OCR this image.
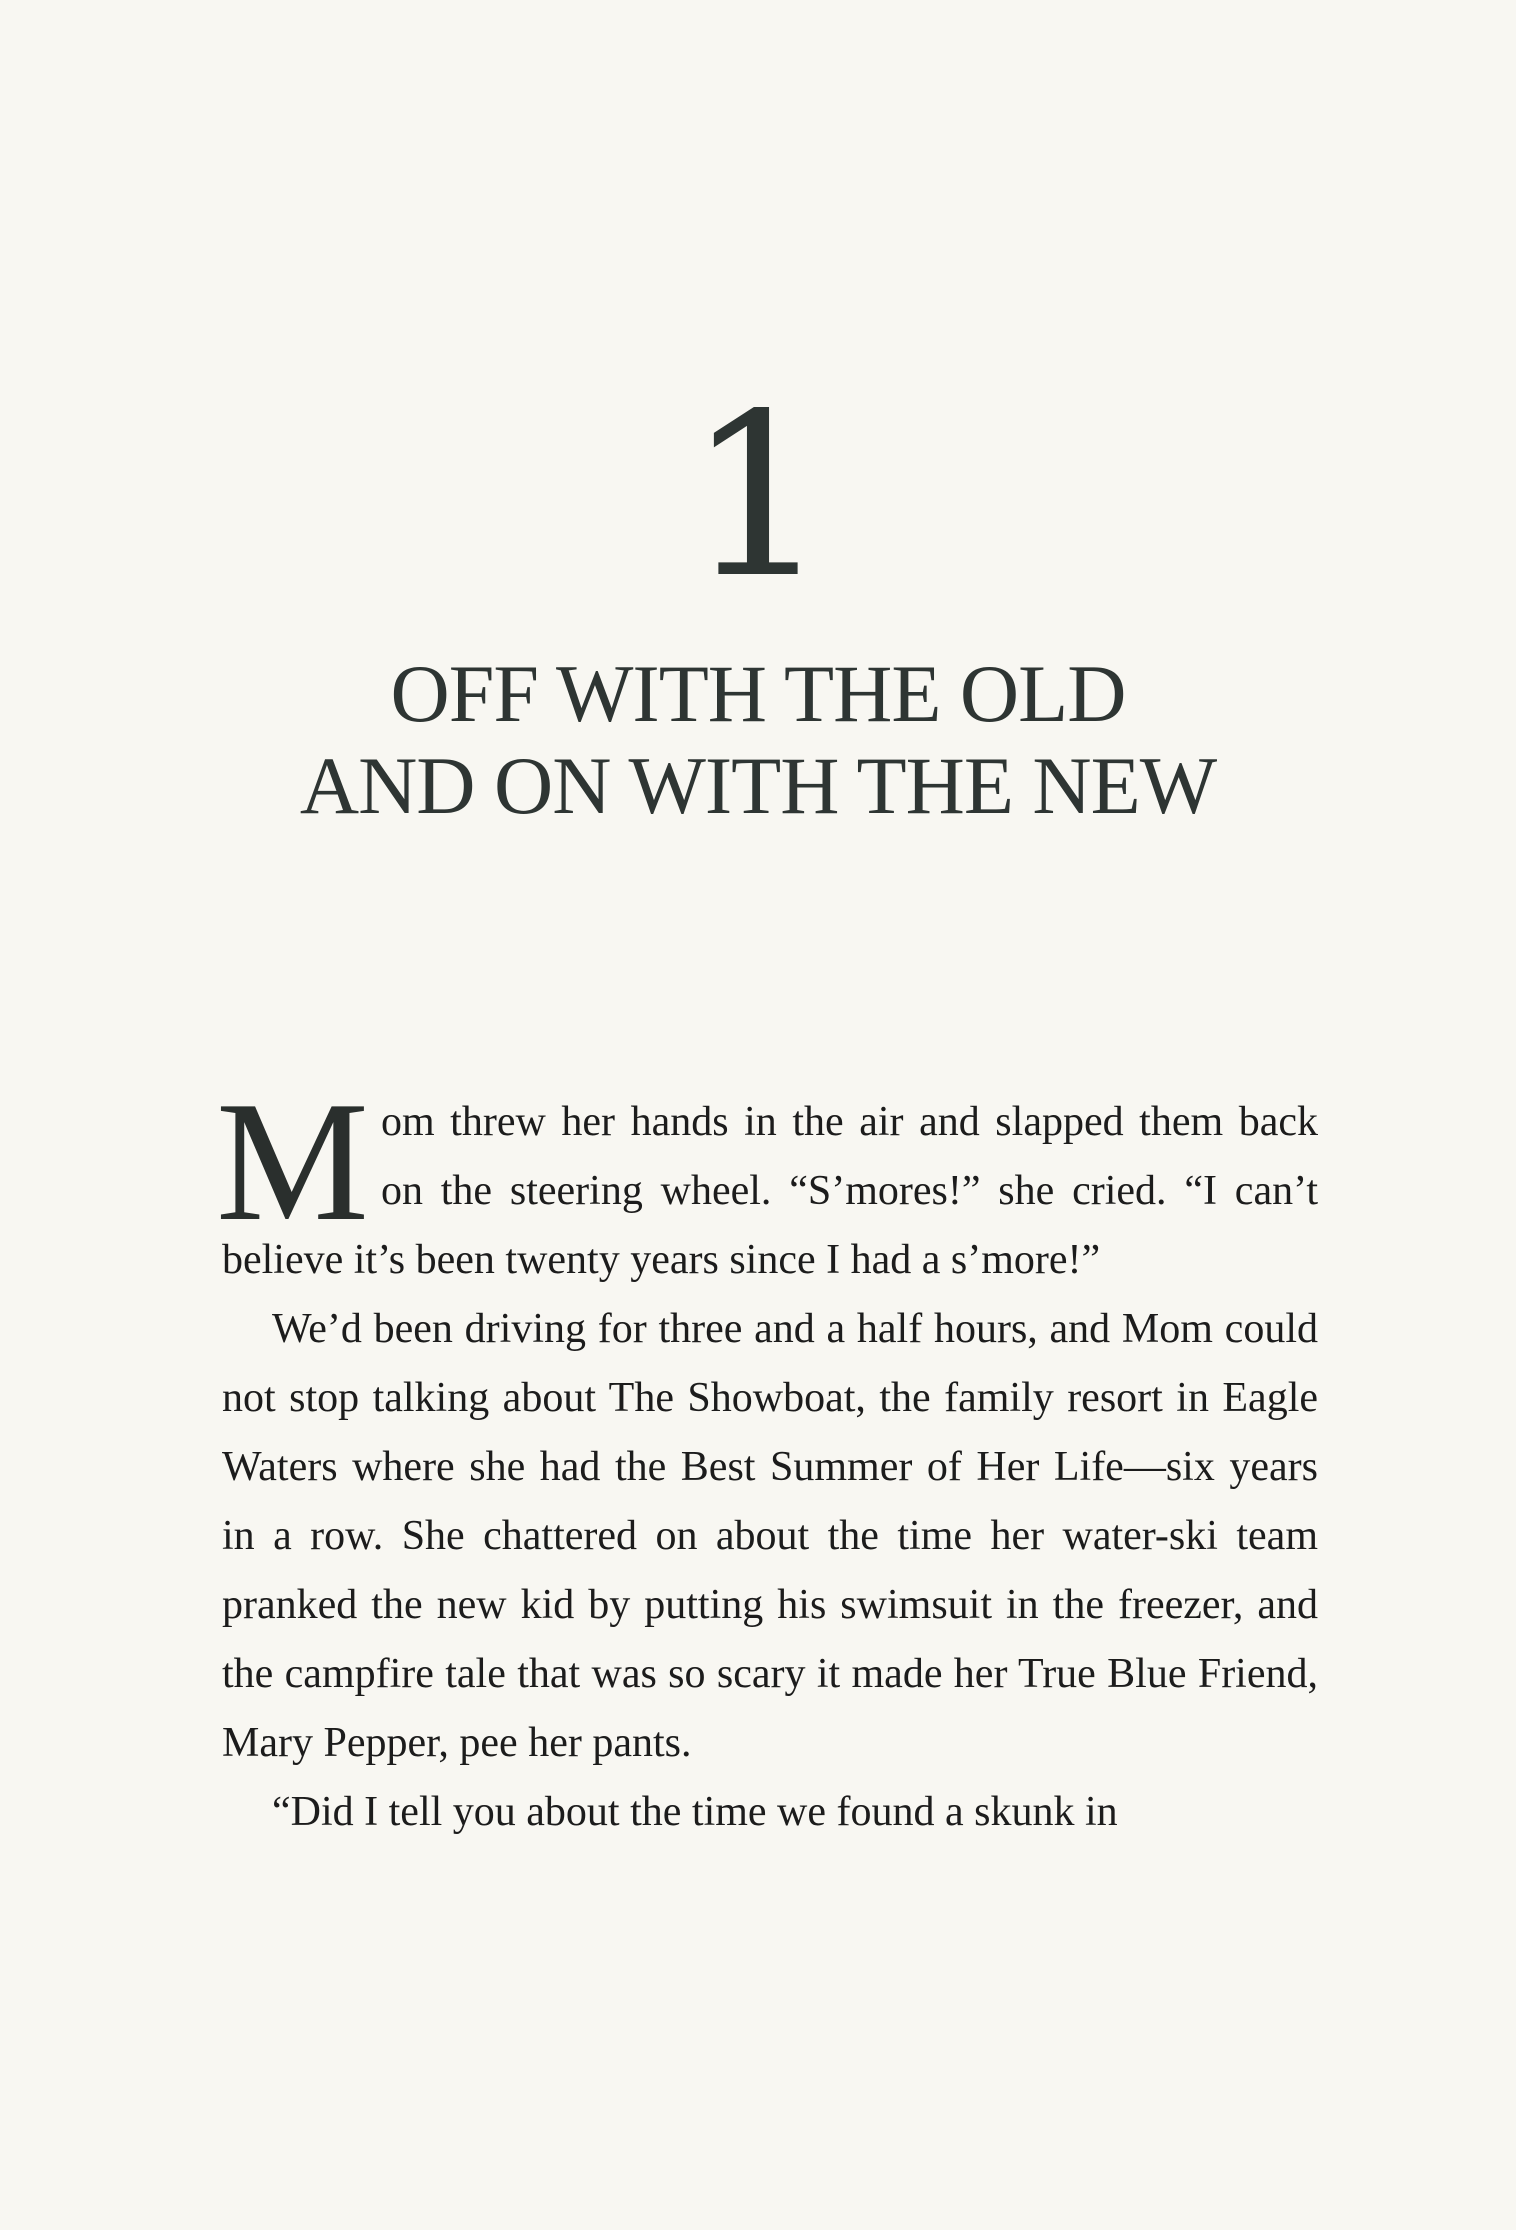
1
OFF WITH THE OLD
AND ON WITH THE NEW

Mom threw her hands in the air and slapped them back on the steering wheel. “S’mores!” she cried. “I can’t believe it’s been twenty years since I had a s’more!”

We’d been driving for three and a half hours, and Mom could not stop talking about The Showboat, the family resort in Eagle Waters where she had the Best Summer of Her Life—six years in a row. She chattered on about the time her water-ski team pranked the new kid by putting his swimsuit in the freezer, and the campfire tale that was so scary it made her True Blue Friend, Mary Pepper, pee her pants.

“Did I tell you about the time we found a skunk in
